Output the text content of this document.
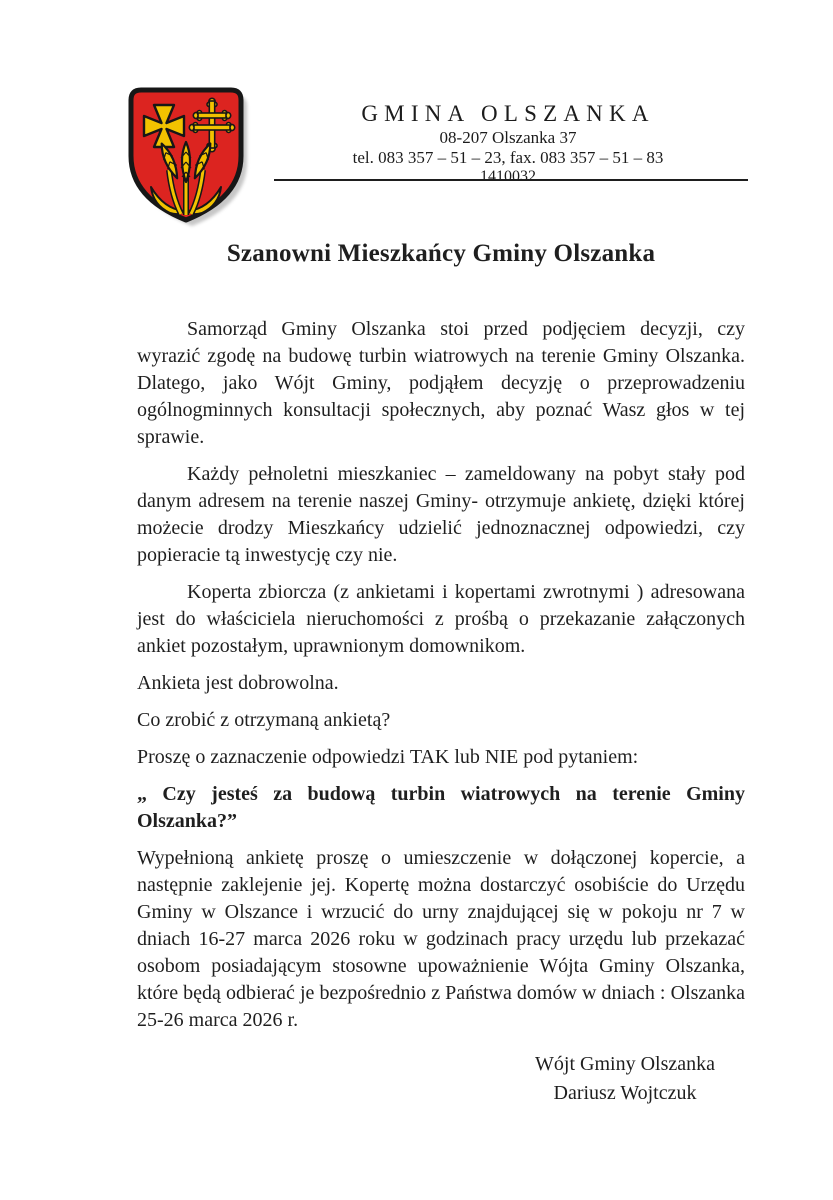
GMINA OLSZANKA
08-207 Olszanka 37
tel. 083 357 – 51 – 23, fax. 083 357 – 51 – 83
1410032
Szanowni Mieszkańcy Gminy Olszanka

Samorząd Gminy Olszanka stoi przed podjęciem decyzji, czy wyrazić zgodę na budowę turbin wiatrowych na terenie Gminy Olszanka. Dlatego, jako Wójt Gminy, podjąłem decyzję o przeprowadzeniu ogólnogminnych konsultacji społecznych, aby poznać Wasz głos w tej sprawie.

Każdy pełnoletni mieszkaniec – zameldowany na pobyt stały pod danym adresem na terenie naszej Gminy- otrzymuje ankietę, dzięki której możecie drodzy Mieszkańcy udzielić jednoznacznej odpowiedzi, czy popieracie tą inwestycję czy nie.

Koperta zbiorcza (z ankietami i kopertami zwrotnymi ) adresowana jest do właściciela nieruchomości z prośbą o przekazanie załączonych ankiet pozostałym, uprawnionym domownikom.

Ankieta jest dobrowolna.

Co zrobić z otrzymaną ankietą?

Proszę o zaznaczenie odpowiedzi TAK lub NIE pod pytaniem:

„ Czy jesteś za budową turbin wiatrowych na terenie Gminy Olszanka?”

Wypełnioną ankietę proszę o umieszczenie w dołączonej kopercie, a następnie zaklejenie jej. Kopertę można dostarczyć osobiście do Urzędu Gminy w Olszance i wrzucić do urny znajdującej się w pokoju nr 7 w dniach 16-27 marca 2026 roku w godzinach pracy urzędu lub przekazać osobom posiadającym stosowne upoważnienie Wójta Gminy Olszanka, które będą odbierać je bezpośrednio z Państwa domów w dniach : Olszanka 25-26 marca 2026 r.

Wójt Gminy Olszanka
Dariusz Wojtczuk
